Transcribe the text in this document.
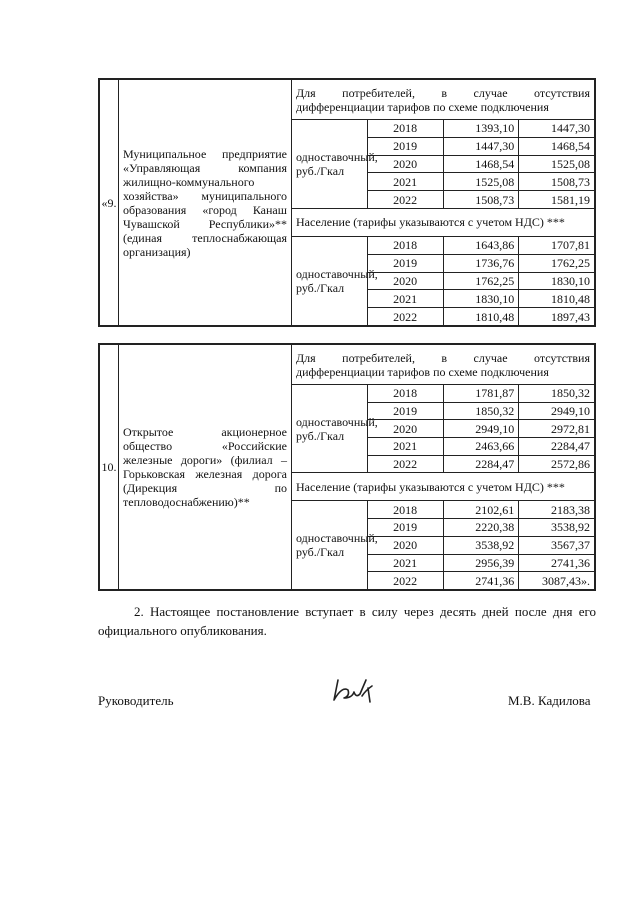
«9.	Муниципальное предприятие «Управляющая компания жилищно-коммунального хозяйства» муниципального образования «город Канаш Чувашской Республики»** (единая теплоснабжающая организация)	Для потребителей, в случае отсутствия
дифференциации тарифов по схеме подключения			

		одноставочный, руб./Гкал	2018	1393,10	1447,30
			2019	1447,30	1468,54
			2020	1468,54	1525,08
			2021	1525,08	1508,73
			2022	1508,73	1581,19
		Население (тарифы указываются с учетом НДС) ***			
		одноставочный, руб./Гкал	2018	1643,86	1707,81
			2019	1736,76	1762,25
			2020	1762,25	1830,10
			2021	1830,10	1810,48
			2022	1810,48	1897,43
10.	Открытое акционерное общество «Российские железные дороги» (филиал – Горьковская железная дорога (Дирекция по тепловодоснабжению)**	Для потребителей, в случае отсутствия
дифференциации тарифов по схеме подключения			

		одноставочный, руб./Гкал	2018	1781,87	1850,32
			2019	1850,32	2949,10
			2020	2949,10	2972,81
			2021	2463,66	2284,47
			2022	2284,47	2572,86
		Население (тарифы указываются с учетом НДС) ***			
		одноставочный, руб./Гкал	2018	2102,61	2183,38
			2019	2220,38	3538,92
			2020	3538,92	3567,37
			2021	2956,39	2741,36
			2022	2741,36	3087,43».
2. Настоящее постановление вступает в силу через десять дней после дня его официального опубликования.
Руководитель	М.В. Кадилова
